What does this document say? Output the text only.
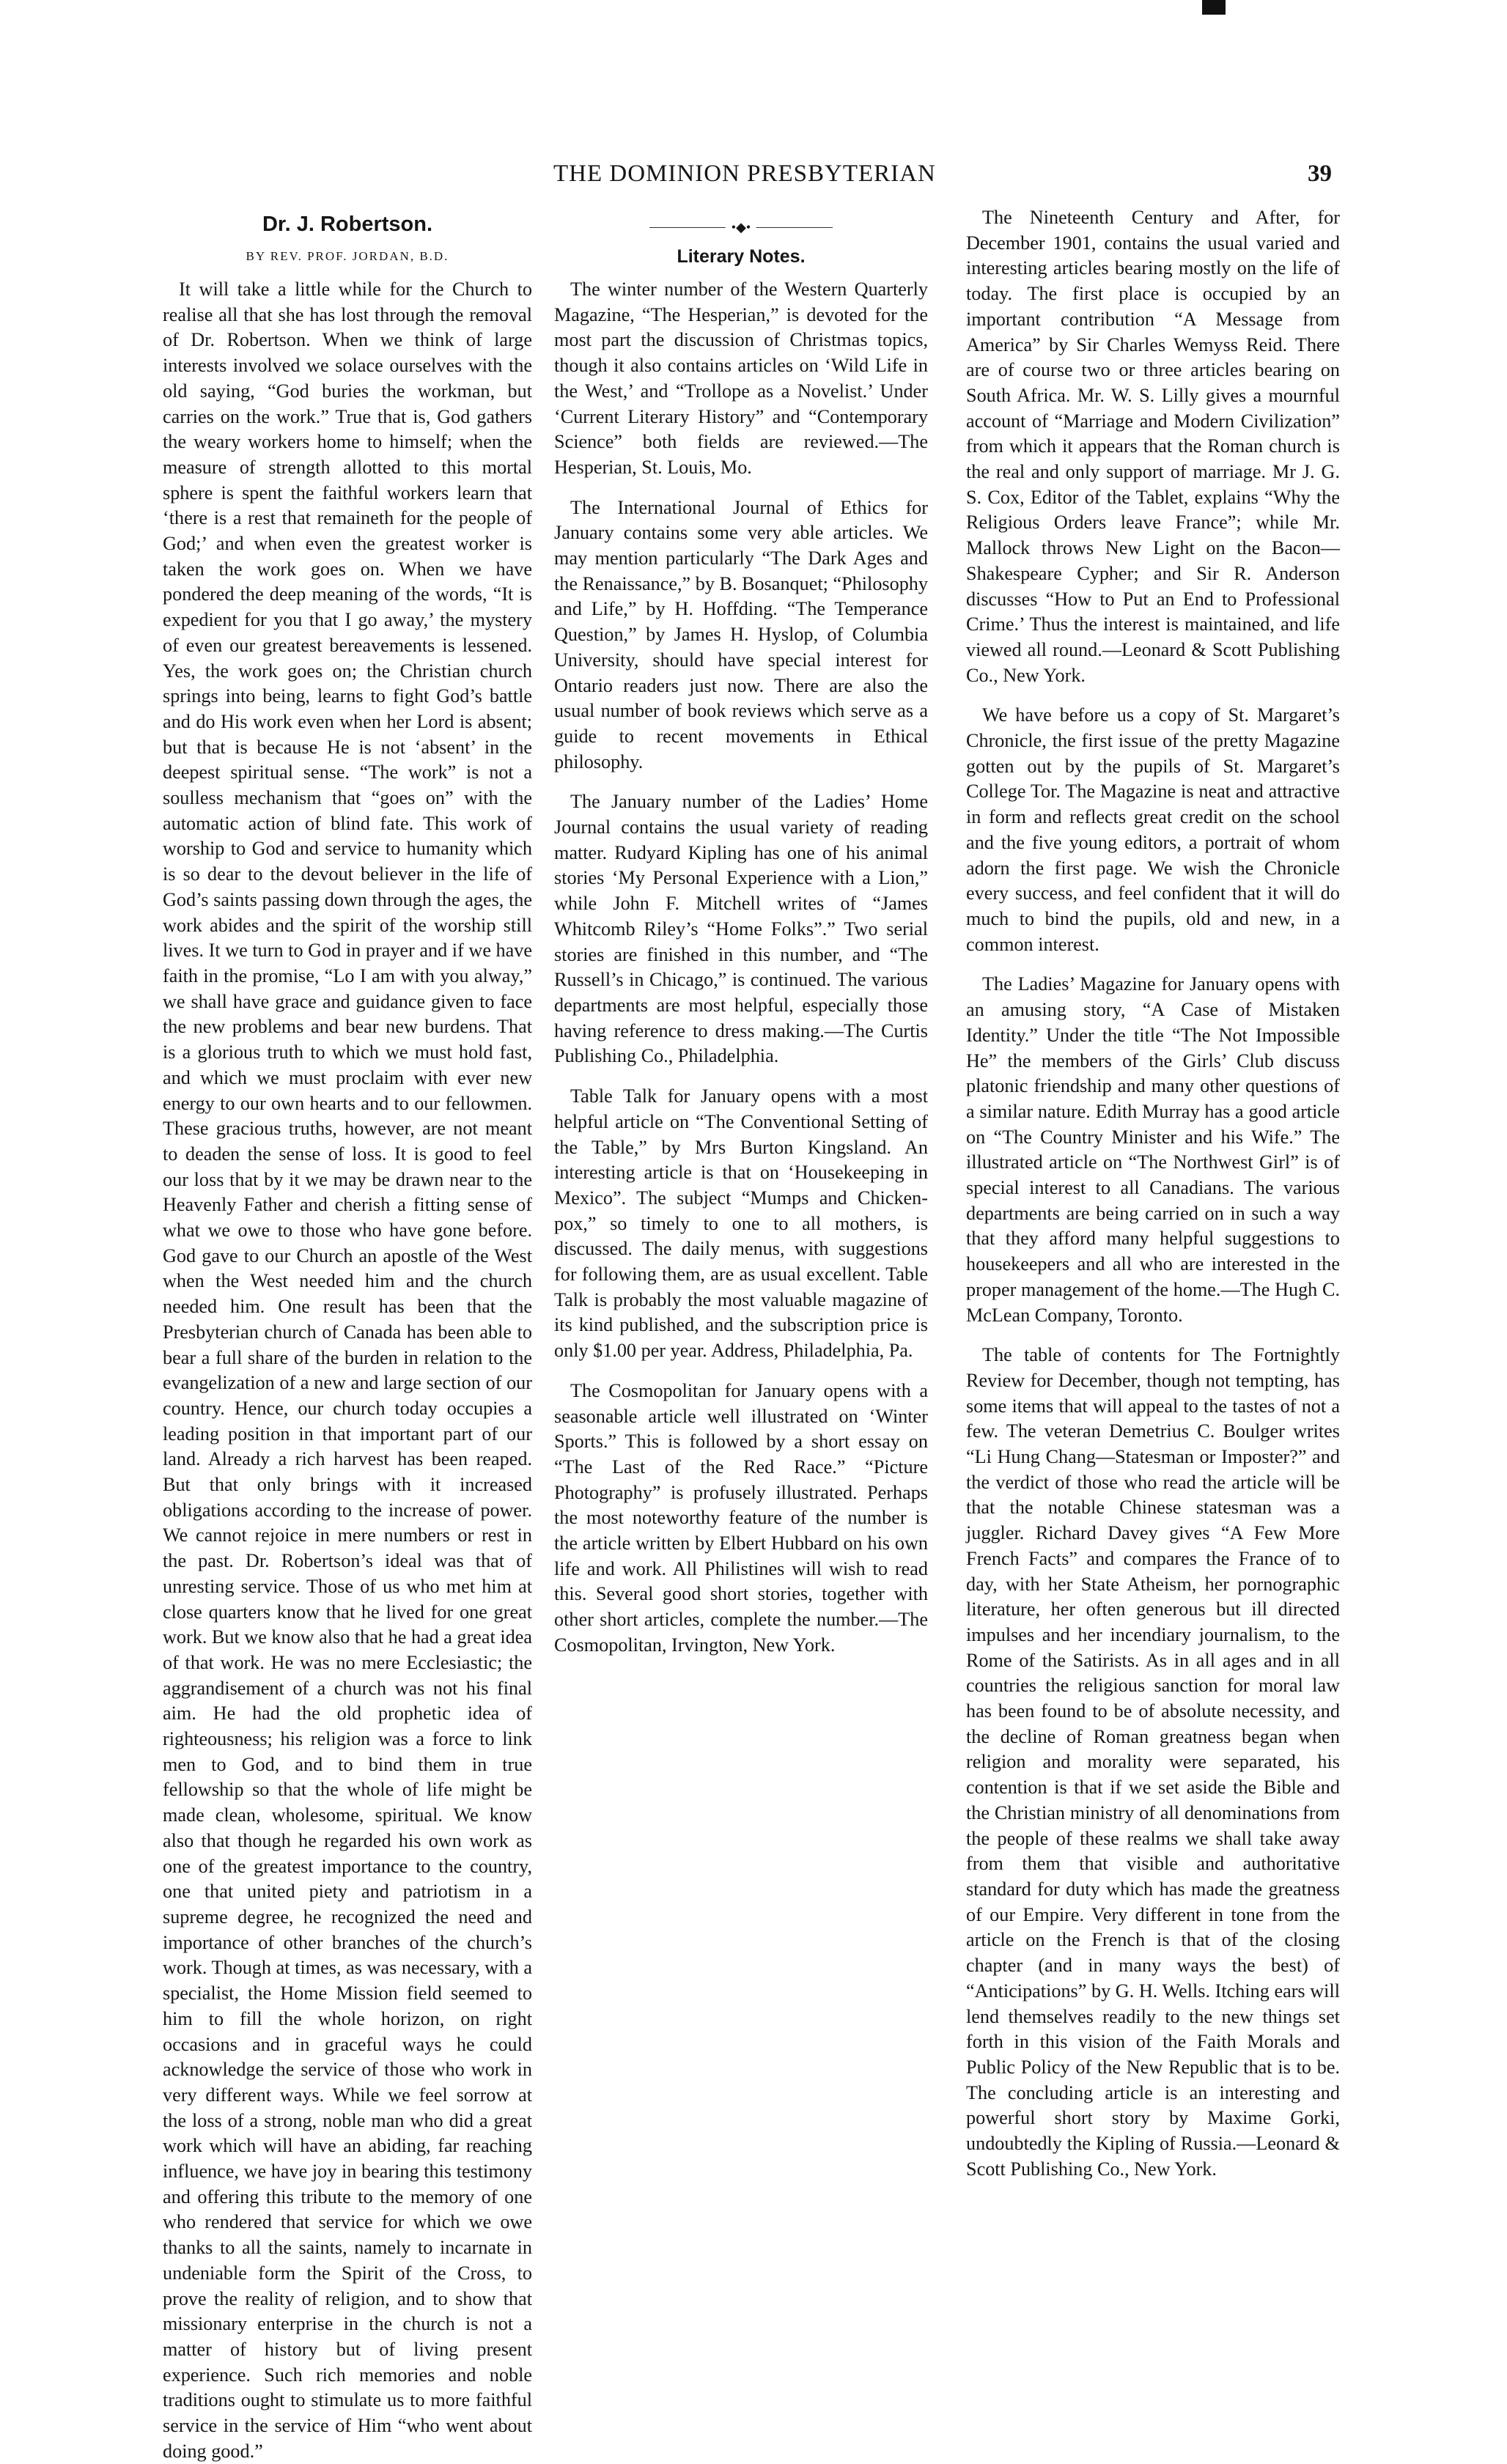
THE DOMINION PRESBYTERIAN	39
Dr. J. Robertson.
BY REV. PROF. JORDAN, B.D.

It will take a little while for the Church to realise all that she has lost through the removal of Dr. Robertson. When we think of large interests involved we solace ourselves with the old saying, “God buries the workman, but carries on the work.” True that is, God gathers the weary workers home to himself; when the measure of strength allotted to this mortal sphere is spent the faithful workers learn that ‘there is a rest that remaineth for the people of God;’ and when even the greatest worker is taken the work goes on. When we have pondered the deep meaning of the words, “It is expedient for you that I go away,’ the mystery of even our greatest bereavements is lessened. Yes, the work goes on; the Christian church springs into being, learns to fight God’s battle and do His work even when her Lord is absent; but that is because He is not ‘absent’ in the deepest spiritual sense. “The work” is not a soulless mechanism that “goes on” with the automatic action of blind fate. This work of worship to God and service to humanity which is so dear to the devout believer in the life of God’s saints passing down through the ages, the work abides and the spirit of the worship still lives. It we turn to God in prayer and if we have faith in the promise, “Lo I am with you alway,” we shall have grace and guidance given to face the new problems and bear new burdens. That is a glorious truth to which we must hold fast, and which we must proclaim with ever new energy to our own hearts and to our fellowmen. These gracious truths, however, are not meant to deaden the sense of loss. It is good to feel our loss that by it we may be drawn near to the Heavenly Father and cherish a fitting sense of what we owe to those who have gone before. God gave to our Church an apostle of the West when the West needed him and the church needed him. One result has been that the Presbyterian church of Canada has been able to bear a full share of the burden in relation to the evangelization of a new and large section of our country. Hence, our church today occupies a leading position in that important part of our land. Already a rich harvest has been reaped. But that only brings with it increased obligations according to the increase of power. We cannot rejoice in mere numbers or rest in the past. Dr. Robertson’s ideal was that of unresting service. Those of us who met him at close quarters know that he lived for one great work. But we know also that he had a great idea of that work. He was no mere Ecclesiastic; the aggrandisement of a church was not his final aim. He had the old prophetic idea of righteousness; his religion was a force to link men to God, and to bind them in true fellowship so that the whole of life might be made clean, wholesome, spiritual. We know also that though he regarded his own work as one of the greatest importance to the country, one that united piety and patriotism in a supreme degree, he recognized the need and importance of other branches of the church’s work. Though at times, as was necessary, with a specialist, the Home Mission field seemed to him to fill the whole horizon, on right occasions and in graceful ways he could acknowledge the service of those who work in very different ways. While we feel sorrow at the loss of a strong, noble man who did a great work which will have an abiding, far reaching influence, we have joy in bearing this testimony and offering this tribute to the memory of one who rendered that service for which we owe thanks to all the saints, namely to incarnate in undeniable form the Spirit of the Cross, to prove the reality of religion, and to show that missionary enterprise in the church is not a matter of history but of living present experience. Such rich memories and noble traditions ought to stimulate us to more faithful service in the service of Him “who went about doing good.”

•◆•
Literary Notes.

The winter number of the Western Quarterly Magazine, “The Hesperian,” is devoted for the most part the discussion of Christmas topics, though it also contains articles on ‘Wild Life in the West,’ and “Trollope as a Novelist.’ Under ‘Current Literary History” and “Contemporary Science” both fields are reviewed.—The Hesperian, St. Louis, Mo.

The International Journal of Ethics for January contains some very able articles. We may mention particularly “The Dark Ages and the Renaissance,” by B. Bosanquet; “Philosophy and Life,” by H. Hoffding. “The Temperance Question,” by James H. Hyslop, of Columbia University, should have special interest for Ontario readers just now. There are also the usual number of book reviews which serve as a guide to recent movements in Ethical philosophy.

The January number of the Ladies’ Home Journal contains the usual variety of reading matter. Rudyard Kipling has one of his animal stories ‘My Personal Experience with a Lion,” while John F. Mitchell writes of “James Whitcomb Riley’s “Home Folks”.” Two serial stories are finished in this number, and “The Russell’s in Chicago,” is continued. The various departments are most helpful, especially those having reference to dress making.—The Curtis Publishing Co., Philadelphia.

Table Talk for January opens with a most helpful article on “The Conventional Setting of the Table,” by Mrs Burton Kingsland. An interesting article is that on ‘Housekeeping in Mexico”. The subject “Mumps and Chicken-pox,” so timely to one to all mothers, is discussed. The daily menus, with suggestions for following them, are as usual excellent. Table Talk is probably the most valuable magazine of its kind published, and the subscription price is only $1.00 per year. Address, Philadelphia, Pa.

The Cosmopolitan for January opens with a seasonable article well illustrated on ‘Winter Sports.” This is followed by a short essay on “The Last of the Red Race.” “Picture Photography” is profusely illustrated. Perhaps the most noteworthy feature of the number is the article written by Elbert Hubbard on his own life and work. All Philistines will wish to read this. Several good short stories, together with other short articles, complete the number.—The Cosmopolitan, Irvington, New York.

The Nineteenth Century and After, for December 1901, contains the usual varied and interesting articles bearing mostly on the life of today. The first place is occupied by an important contribution “A Message from America” by Sir Charles Wemyss Reid. There are of course two or three articles bearing on South Africa. Mr. W. S. Lilly gives a mournful account of “Marriage and Modern Civilization” from which it appears that the Roman church is the real and only support of marriage. Mr J. G. S. Cox, Editor of the Tablet, explains “Why the Religious Orders leave France”; while Mr. Mallock throws New Light on the Bacon—Shakespeare Cypher; and Sir R. Anderson discusses “How to Put an End to Professional Crime.’ Thus the interest is maintained, and life viewed all round.—Leonard & Scott Publishing Co., New York.

We have before us a copy of St. Margaret’s Chronicle, the first issue of the pretty Magazine gotten out by the pupils of St. Margaret’s College Tor. The Magazine is neat and attractive in form and reflects great credit on the school and the five young editors, a portrait of whom adorn the first page. We wish the Chronicle every success, and feel confident that it will do much to bind the pupils, old and new, in a common interest.

The Ladies’ Magazine for January opens with an amusing story, “A Case of Mistaken Identity.” Under the title “The Not Impossible He” the members of the Girls’ Club discuss platonic friendship and many other questions of a similar nature. Edith Murray has a good article on “The Country Minister and his Wife.” The illustrated article on “The Northwest Girl” is of special interest to all Canadians. The various departments are being carried on in such a way that they afford many helpful suggestions to housekeepers and all who are interested in the proper management of the home.—The Hugh C. McLean Company, Toronto.

The table of contents for The Fortnightly Review for December, though not tempting, has some items that will appeal to the tastes of not a few. The veteran Demetrius C. Boulger writes “Li Hung Chang—Statesman or Imposter?” and the verdict of those who read the article will be that the notable Chinese statesman was a juggler. Richard Davey gives “A Few More French Facts” and compares the France of to day, with her State Atheism, her pornographic literature, her often generous but ill directed impulses and her incendiary journalism, to the Rome of the Satirists. As in all ages and in all countries the religious sanction for moral law has been found to be of absolute necessity, and the decline of Roman greatness began when religion and morality were separated, his contention is that if we set aside the Bible and the Christian ministry of all denominations from the people of these realms we shall take away from them that visible and authoritative standard for duty which has made the greatness of our Empire. Very different in tone from the article on the French is that of the closing chapter (and in many ways the best) of “Anticipations” by G. H. Wells. Itching ears will lend themselves readily to the new things set forth in this vision of the Faith Morals and Public Policy of the New Republic that is to be. The concluding article is an interesting and powerful short story by Maxime Gorki, undoubtedly the Kipling of Russia.—Leonard & Scott Publishing Co., New York.
